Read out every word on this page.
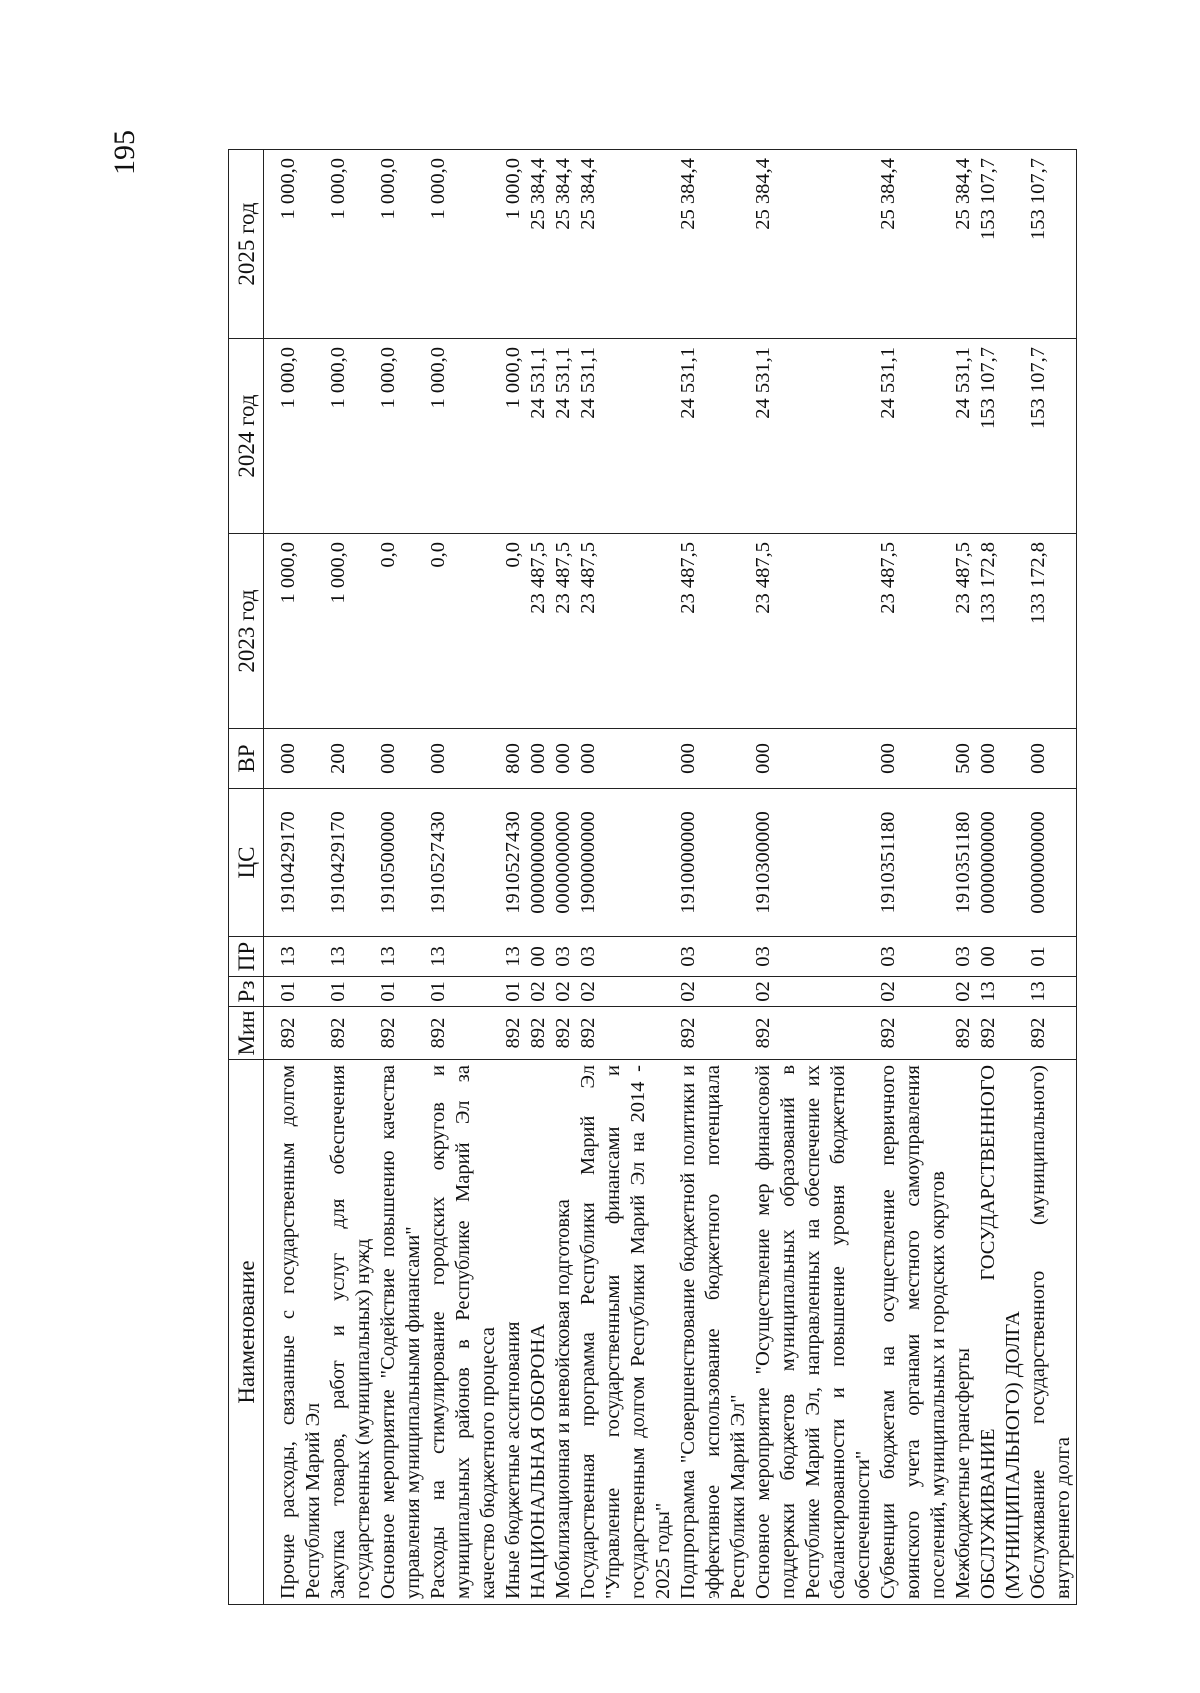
195
Наименование	Мин	Рз	ПР	ЦС	ВР	2023 год	2024 год	2025 год
Прочие расходы, связанные с государственным долгом Республики Марий Эл	892	01	13	1910429170	000	1 000,0	1 000,0	1 000,0
Закупка товаров, работ и услуг для обеспечения государственных (муниципальных) нужд	892	01	13	1910429170	200	1 000,0	1 000,0	1 000,0
Основное мероприятие "Содействие повышению качества управления муниципальными финансами"	892	01	13	1910500000	000	0,0	1 000,0	1 000,0
Расходы на стимулирование городских округов и муниципальных районов в Республике Марий Эл за качество бюджетного процесса	892	01	13	1910527430	000	0,0	1 000,0	1 000,0
Иные бюджетные ассигнования	892	01	13	1910527430	800	0,0	1 000,0	1 000,0
НАЦИОНАЛЬНАЯ ОБОРОНА	892	02	00	0000000000	000	23 487,5	24 531,1	25 384,4
Мобилизационная и вневойсковая подготовка	892	02	03	0000000000	000	23 487,5	24 531,1	25 384,4
Государственная программа Республики Марий Эл "Управление государственными финансами и государственным долгом Республики Марий Эл на 2014 - 2025 годы"	892	02	03	1900000000	000	23 487,5	24 531,1	25 384,4
Подпрограмма "Совершенствование бюджетной политики и эффективное использование бюджетного потенциала Республики Марий Эл"	892	02	03	1910000000	000	23 487,5	24 531,1	25 384,4
Основное мероприятие "Осуществление мер финансовой поддержки бюджетов муниципальных образований в Республике Марий Эл, направленных на обеспечение их сбалансированности и повышение уровня бюджетной обеспеченности"	892	02	03	1910300000	000	23 487,5	24 531,1	25 384,4
Субвенции бюджетам на осуществление первичного воинского учета органами местного самоуправления поселений, муниципальных и городских округов	892	02	03	1910351180	000	23 487,5	24 531,1	25 384,4
Межбюджетные трансферты	892	02	03	1910351180	500	23 487,5	24 531,1	25 384,4
ОБСЛУЖИВАНИЕ ГОСУДАРСТВЕННОГО (МУНИЦИПАЛЬНОГО) ДОЛГА	892	13	00	0000000000	000	133 172,8	153 107,7	153 107,7
Обслуживание государственного (муниципального) внутреннего долга	892	13	01	0000000000	000	133 172,8	153 107,7	153 107,7
